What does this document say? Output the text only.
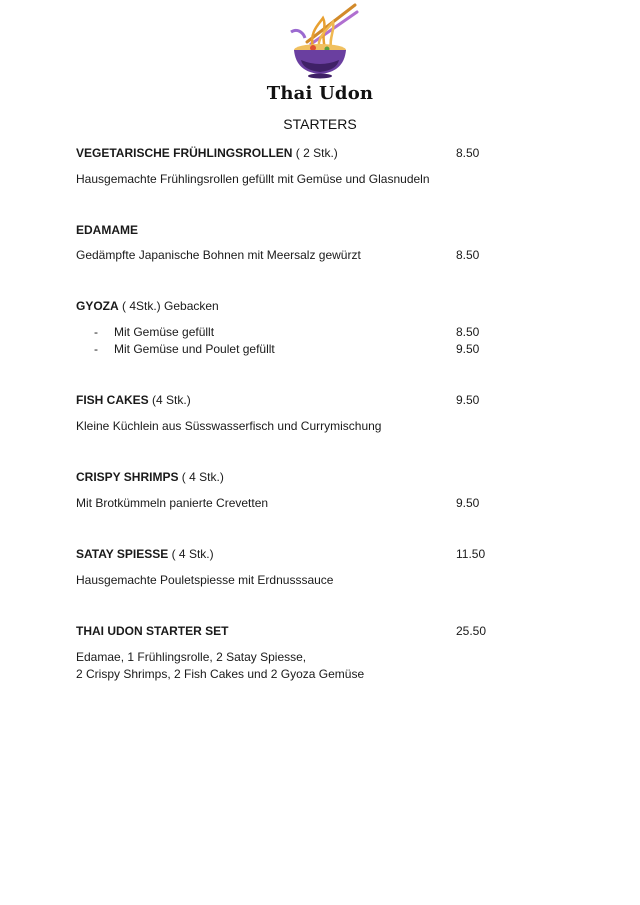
Thai Udon
STARTERS
VEGETARISCHE FRÜHLINGSROLLEN ( 2 Stk.)	8.50
Hausgemachte Frühlingsrollen gefüllt mit Gemüse und Glasnudeln
EDAMAME
Gedämpfte Japanische Bohnen mit Meersalz gewürzt	8.50
GYOZA ( 4Stk.) Gebacken
- Mit Gemüse gefüllt	8.50
- Mit Gemüse und Poulet gefüllt	9.50
FISH CAKES (4 Stk.)	9.50
Kleine Küchlein aus Süsswasserfisch und Currymischung
CRISPY SHRIMPS ( 4 Stk.)
Mit Brotkümmeln panierte Crevetten	9.50
SATAY SPIESSE ( 4 Stk.)	11.50
Hausgemachte Pouletspiesse mit Erdnusssauce
THAI UDON STARTER SET	25.50
Edamae, 1 Frühlingsrolle, 2 Satay Spiesse,
2 Crispy Shrimps, 2 Fish Cakes und 2 Gyoza Gemüse
